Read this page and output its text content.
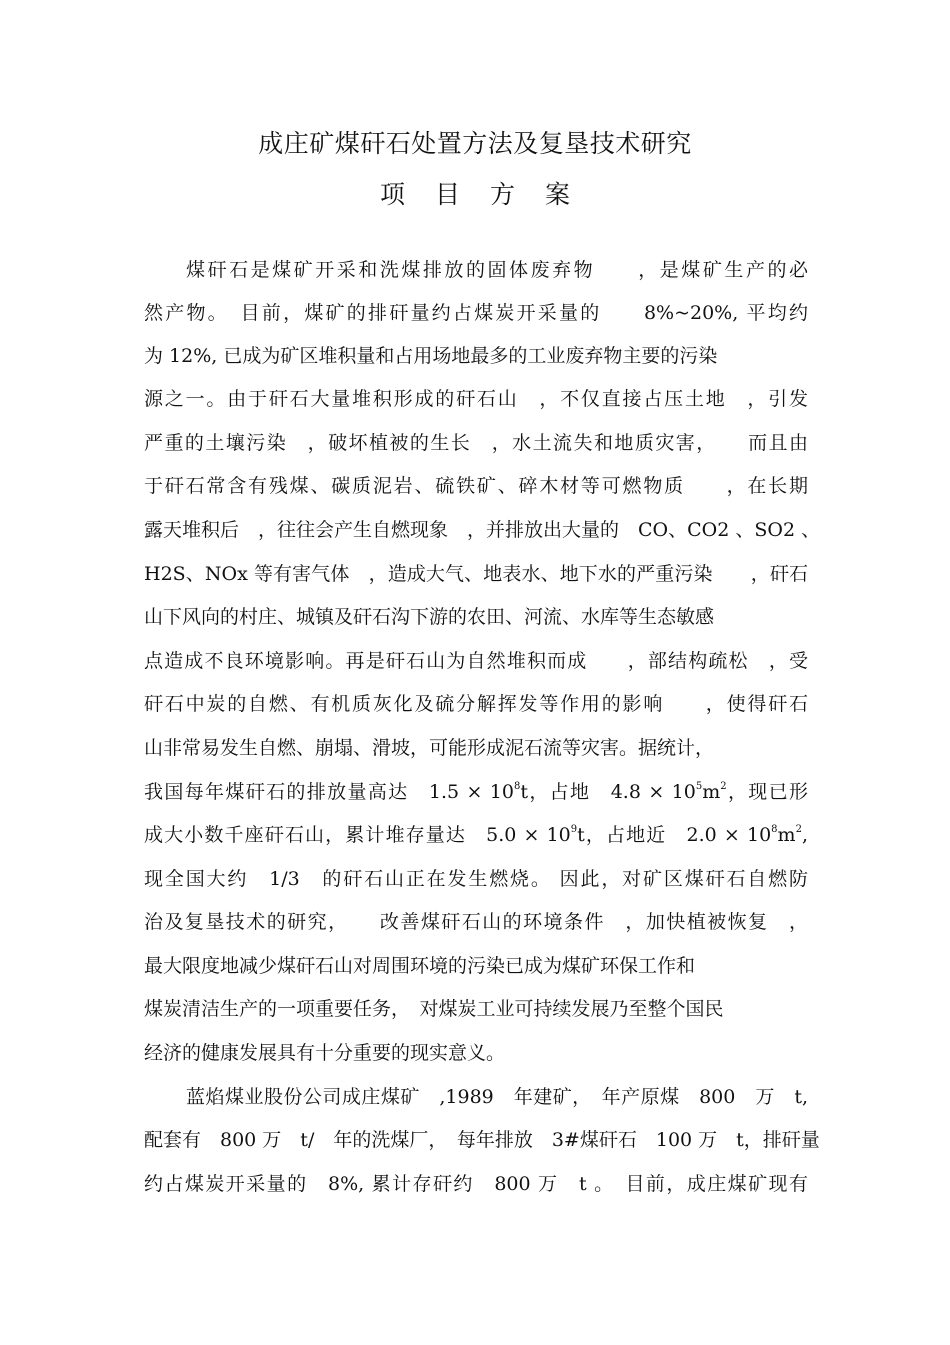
成庄矿煤矸石处置方法及复垦技术研究
项目方案
煤矸石是煤矿开采和洗煤排放的固体废弃物　　，是煤矿生产的必
然产物。　目前，煤矿的排矸量约占煤炭开采量的　　8%~20%, 平均约
为 12%, 已成为矿区堆积量和占用场地最多的工业废弃物主要的污染
源之一。由于矸石大量堆积形成的矸石山　，不仅直接占压土地　，引发
严重的土壤污染　，破坏植被的生长　，水土流失和地质灾害，　　而且由
于矸石常含有残煤、碳质泥岩、硫铁矿、碎木材等可燃物质　　，在长期
露天堆积后　，往往会产生自燃现象　，并排放出大量的　CO、CO2 、SO2 、
H2S、NOx 等有害气体　，造成大气、地表水、地下水的严重污染　　，矸石
山下风向的村庄、城镇及矸石沟下游的农田、河流、水库等生态敏感
点造成不良环境影响。再是矸石山为自然堆积而成　　，部结构疏松　，受
矸石中炭的自燃、有机质灰化及硫分解挥发等作用的影响　　，使得矸石
山非常易发生自燃、崩塌、滑坡，可能形成泥石流等灾害。据统计，
我国每年煤矸石的排放量高达　$1.5 \times 10^8t$，占地　$4.8 \times 10^5m^2$，现已形
成大小数千座矸石山，累计堆存量达　$5.0 \times 10^9t$，占地近　$2.0 \times 10^8m^2$,
现全国大约　1/3　的矸石山正在发生燃烧。 因此，对矿区煤矸石自燃防
治及复垦技术的研究，　　改善煤矸石山的环境条件　，加快植被恢复　，
最大限度地减少煤矸石山对周围环境的污染已成为煤矿环保工作和
煤炭清洁生产的一项重要任务，　对煤炭工业可持续发展乃至整个国民
经济的健康发展具有十分重要的现实意义。
蓝焰煤业股份公司成庄煤矿　,1989　年建矿，　年产原煤　800　万　t,
配套有　800 万　t/　年的洗煤厂，　每年排放　3#煤矸石　100 万　t，排矸量
约占煤炭开采量的　8%, 累计存矸约　800 万　t 。　目前，成庄煤矿现有
